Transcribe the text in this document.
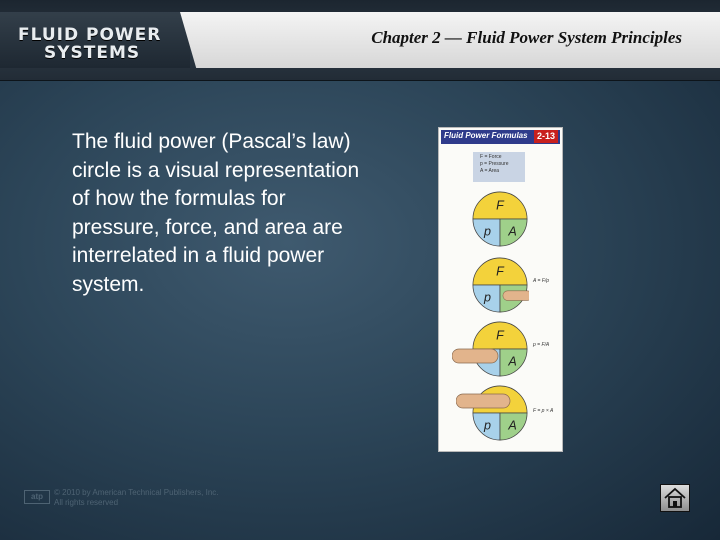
FLUID POWER
SYSTEMS
Chapter 2 — Fluid Power System Principles
The fluid power (Pascal’s law) circle is a visual representation of how the formulas for pressure, force, and area are interrelated in a fluid power system.
Fluid Power Formulas	2-13
F = Force
p = Pressure
A = Area
F
p A
F
p
A = F/p
F
A
p = F/A
p A
F = p × A
atp	© 2010 by American Technical Publishers, Inc.
All rights reserved
